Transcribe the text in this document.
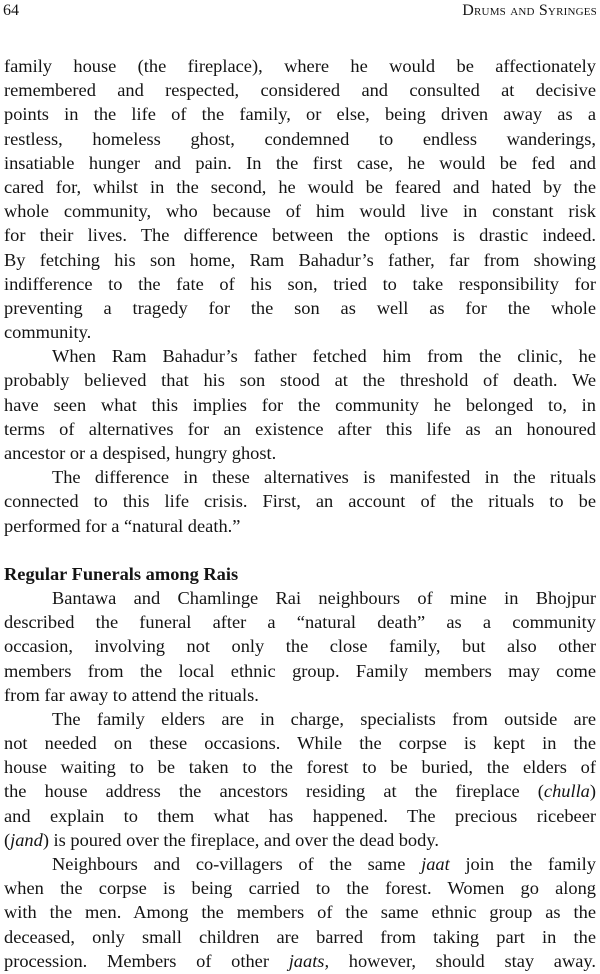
64	Drums and Syringes
family house (the fireplace), where he would be affectionately
remembered and respected, considered and consulted at decisive
points in the life of the family, or else, being driven away as a
restless, homeless ghost, condemned to endless wanderings,
insatiable hunger and pain. In the first case, he would be fed and
cared for, whilst in the second, he would be feared and hated by the
whole community, who because of him would live in constant risk
for their lives. The difference between the options is drastic indeed.
By fetching his son home, Ram Bahadur’s father, far from showing
indifference to the fate of his son, tried to take responsibility for
preventing a tragedy for the son as well as for the whole
community.
When Ram Bahadur’s father fetched him from the clinic, he
probably believed that his son stood at the threshold of death. We
have seen what this implies for the community he belonged to, in
terms of alternatives for an existence after this life as an honoured
ancestor or a despised, hungry ghost.
The difference in these alternatives is manifested in the rituals
connected to this life crisis. First, an account of the rituals to be
performed for a “natural death.”
Regular Funerals among Rais
Bantawa and Chamlinge Rai neighbours of mine in Bhojpur
described the funeral after a “natural death” as a community
occasion, involving not only the close family, but also other
members from the local ethnic group. Family members may come
from far away to attend the rituals.
The family elders are in charge, specialists from outside are
not needed on these occasions. While the corpse is kept in the
house waiting to be taken to the forest to be buried, the elders of
the house address the ancestors residing at the fireplace (chulla)
and explain to them what has happened. The precious ricebeer
(jand) is poured over the fireplace, and over the dead body.
Neighbours and co-villagers of the same jaat join the family
when the corpse is being carried to the forest. Women go along
with the men. Among the members of the same ethnic group as the
deceased, only small children are barred from taking part in the
procession. Members of other jaats, however, should stay away.
